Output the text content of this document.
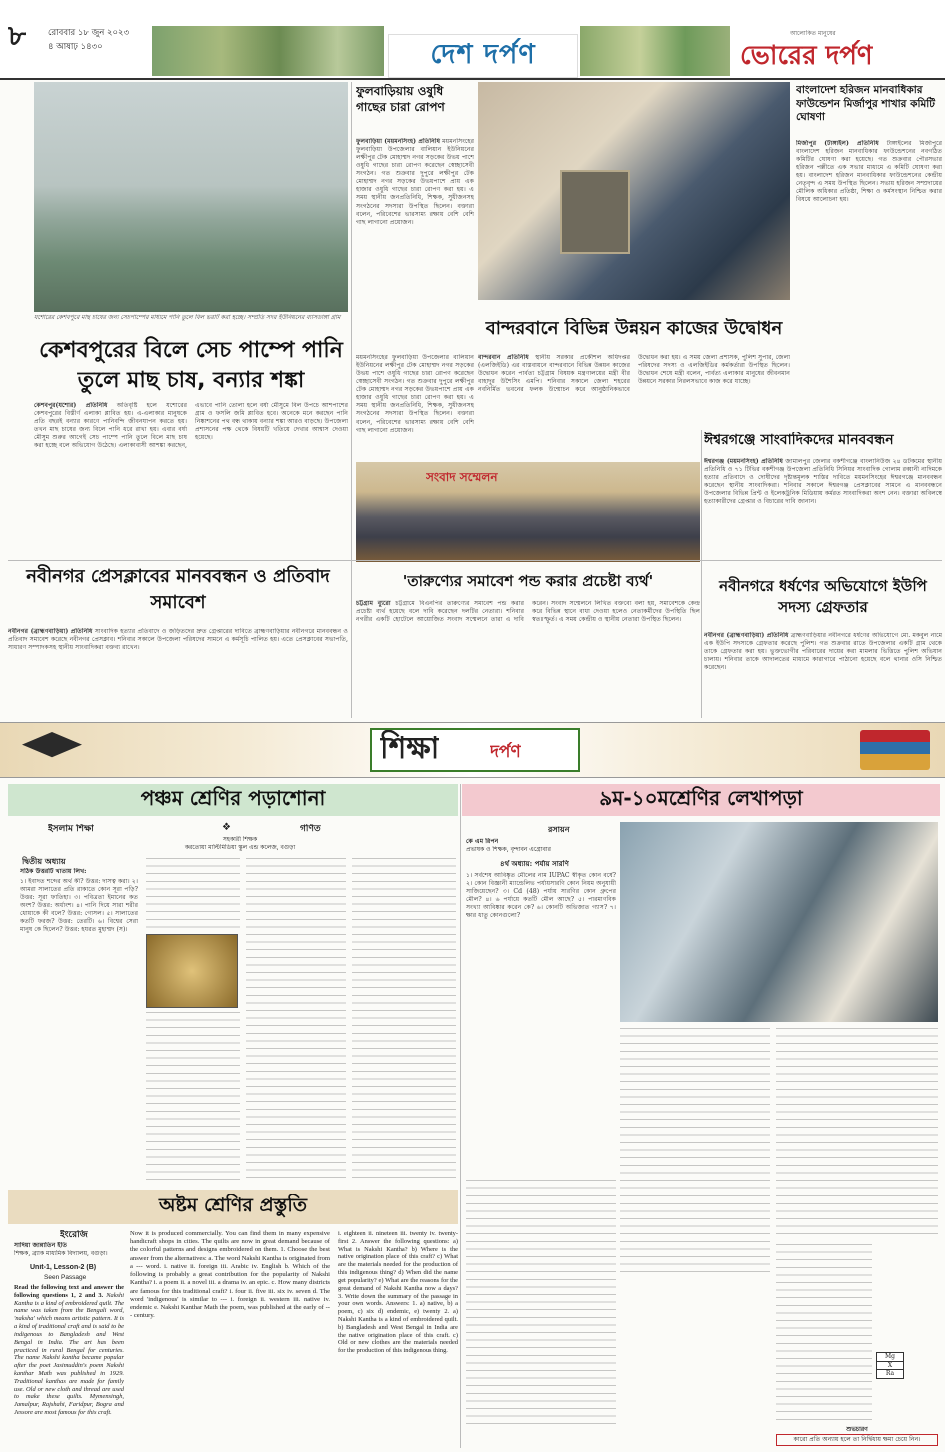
৮	রোববার ১৮ জুন ২০২৩
৪ আষাঢ় ১৪৩০	দেশ দর্পণ
আলোকিত মানুষের
ভোরের দর্পণ
যশোরের কেশবপুরে মাছ চাষের জন্য সেচপাম্পের মাধ্যমে পানি তুলে বিল ভরাট করা হচ্ছে। সম্প্রতি সদর ইউনিয়নের ব্যাসডাঙ্গা গ্রাম
কেশবপুরের বিলে সেচ পাম্পে পানি তুলে মাছ চাষ, বন্যার শঙ্কা
কেশবপুর(যশোর) প্রতিনিধি অতিবৃষ্টি হলে যশোরের কেশবপুরের বিস্তীর্ণ এলাকা প্লাবিত হয়। এ-এলাকার মানুষকে প্রতি বছরই বন্যার কারণে পানিবন্দি জীবনযাপন করতে হয়। তখন মাছ চাষের জন্য বিলে পানি ধরে রাখা হয়। এবার বর্ষা মৌসুম শুরুর আগেই সেচ পাম্পে পানি তুলে বিলে মাছ চাষ করা হচ্ছে বলে অভিযোগ উঠেছে। এলাকাবাসী আশঙ্কা করছেন, এভাবে পানি তোলা হলে বর্ষা মৌসুমে বিল উপচে আশপাশের গ্রাম ও ফসলি জমি প্লাবিত হবে। অনেকে মনে করছেন পানি নিষ্কাশনের পথ বন্ধ থাকায় বন্যার শঙ্কা আরও বাড়ছে। উপজেলা প্রশাসনের পক্ষ থেকে বিষয়টি খতিয়ে দেখার আশ্বাস দেওয়া হয়েছে।
ফুলবাড়িয়ায় ওষুধি গাছের চারা রোপণ
ফুলবাড়িয়া (ময়মনসিংহ) প্রতিনিধি ময়মনসিংহের ফুলবাড়িয়া উপজেলার বালিয়ান ইউনিয়নের লক্ষীপুর টেক মোহাম্মদ নগর সড়কের উভয় পাশে ওষুধি গাছের চারা রোপণ করেছেন স্বেচ্ছাসেবী সংগঠন। গত শুক্রবার দুপুরে লক্ষীপুর টেক মোহাম্মদ নগর সড়কের উভয়পাশে প্রায় এক হাজার ওষুধি গাছের চারা রোপণ করা হয়। এ সময় স্থানীয় জনপ্রতিনিধি, শিক্ষক, সুধীজনসহ সংগঠনের সদস্যরা উপস্থিত ছিলেন। বক্তারা বলেন, পরিবেশের ভারসাম্য রক্ষায় বেশি বেশি গাছ লাগানো প্রয়োজন।
বাংলাদেশ হরিজন মানবাধিকার ফাউন্ডেশন মির্জাপুর শাখার কমিটি ঘোষণা
মির্জাপুর (টাঙ্গাইল) প্রতিনিধি টাঙ্গাইলের মির্জাপুরে বাংলাদেশ হরিজন মানবাধিকার ফাউন্ডেশনের নবগঠিত কমিটির ঘোষণা করা হয়েছে। গত শুক্রবার পৌরসভার হরিজন পল্লীতে এক সভার মাধ্যমে এ কমিটি ঘোষণা করা হয়। বাংলাদেশ হরিজন মানবাধিকার ফাউন্ডেশনের কেন্দ্রীয় নেতৃবৃন্দ এ সময় উপস্থিত ছিলেন। সভায় হরিজন সম্প্রদায়ের মৌলিক অধিকার প্রতিষ্ঠা, শিক্ষা ও কর্মসংস্থান নিশ্চিত করার বিষয়ে আলোচনা হয়।
বান্দরবানে বিভিন্ন উন্নয়ন কাজের উদ্বোধন
বান্দরবান প্রতিনিধি স্থানীয় সরকার প্রকৌশল অধিদপ্তর (এলজিইডি) এর বাস্তবায়নে বান্দরবানে বিভিন্ন উন্নয়ন কাজের উদ্বোধন করেন পার্বত্য চট্টগ্রাম বিষয়ক মন্ত্রণালয়ের মন্ত্রী বীর বাহাদুর উশৈসিং এমপি। শনিবার সকালে জেলা শহরের নবনির্মিত ভবনের ফলক উন্মোচন করে আনুষ্ঠানিকভাবে উদ্বোধন করা হয়। এ সময় জেলা প্রশাসক, পুলিশ সুপার, জেলা পরিষদের সদস্য ও এলজিইডির কর্মকর্তারা উপস্থিত ছিলেন। উদ্বোধন শেষে মন্ত্রী বলেন, পার্বত্য এলাকার মানুষের জীবনমান উন্নয়নে সরকার নিরলসভাবে কাজ করে যাচ্ছে।
ময়মনসিংহের ফুলবাড়িয়া উপজেলার বালিয়ান ইউনিয়নের লক্ষীপুর টেক মোহাম্মদ নগর সড়কের উভয় পাশে ওষুধি গাছের চারা রোপণ করেছেন স্বেচ্ছাসেবী সংগঠন। গত শুক্রবার দুপুরে লক্ষীপুর টেক মোহাম্মদ নগর সড়কের উভয়পাশে প্রায় এক হাজার ওষুধি গাছের চারা রোপণ করা হয়। এ সময় স্থানীয় জনপ্রতিনিধি, শিক্ষক, সুধীজনসহ সংগঠনের সদস্যরা উপস্থিত ছিলেন। বক্তারা বলেন, পরিবেশের ভারসাম্য রক্ষায় বেশি বেশি গাছ লাগানো প্রয়োজন।
সংবাদ সম্মেলন
ঈশ্বরগঞ্জে সাংবাদিকদের মানববন্ধন
ঈশ্বরগঞ্জ (ময়মনসিংহ) প্রতিনিধি জামালপুর জেলার বকশীগঞ্জে বাংলানিউজ ২৪ ডটকমের স্থানীয় প্রতিনিধি ও ৭১ টিভির বকশীগঞ্জ উপজেলা প্রতিনিধি সিনিয়র সাংবাদিক গোলাম রব্বানী নাদিমকে হত্যার প্রতিবাদে ও দোষীদের দৃষ্টান্তমূলক শাস্তির দাবিতে ময়মনসিংহের ঈশ্বরগঞ্জে মানববন্ধন করেছেন স্থানীয় সাংবাদিকরা। শনিবার সকালে ঈশ্বরগঞ্জ প্রেসক্লাবের সামনে এ মানববন্ধনে উপজেলার বিভিন্ন প্রিন্ট ও ইলেকট্রনিক মিডিয়ায় কর্মরত সাংবাদিকরা অংশ নেন। বক্তারা অবিলম্বে হত্যাকারীদের গ্রেপ্তার ও বিচারের দাবি জানান।
নবীনগর প্রেসক্লাবের মানববন্ধন ও প্রতিবাদ সমাবেশ
নবীনগর (ব্রাহ্মণবাড়িয়া) প্রতিনিধি সাংবাদিক হত্যার প্রতিবাদে ও জড়িতদের দ্রুত গ্রেপ্তারের দাবিতে ব্রাহ্মণবাড়িয়ার নবীনগরে মানববন্ধন ও প্রতিবাদ সমাবেশ করেছে নবীনগর প্রেসক্লাব। শনিবার সকালে উপজেলা পরিষদের সামনে এ কর্মসূচি পালিত হয়। এতে প্রেসক্লাবের সভাপতি, সাধারণ সম্পাদকসহ স্থানীয় সাংবাদিকরা বক্তব্য রাখেন।
'তারুণ্যের সমাবেশ পন্ড করার প্রচেষ্টা ব্যর্থ'
চট্টগ্রাম ব্যুরো চট্টগ্রামে বিএনপির তারুণ্যের সমাবেশ পন্ড করার প্রচেষ্টা ব্যর্থ হয়েছে বলে দাবি করেছেন দলটির নেতারা। শনিবার নগরীর একটি হোটেলে আয়োজিত সংবাদ সম্মেলনে তারা এ দাবি করেন। সংবাদ সম্মেলনে লিখিত বক্তব্যে বলা হয়, সমাবেশকে কেন্দ্র করে বিভিন্ন স্থানে বাধা দেওয়া হলেও নেতাকর্মীদের উপস্থিতি ছিল স্বতঃস্ফূর্ত। এ সময় কেন্দ্রীয় ও স্থানীয় নেতারা উপস্থিত ছিলেন।
নবীনগরে ধর্ষণের অভিযোগে ইউপি সদস্য গ্রেফতার
নবীনগর (ব্রাহ্মণবাড়িয়া) প্রতিনিধি ব্রাহ্মণবাড়িয়ার নবীনগরে ধর্ষণের অভিযোগে মো. মকবুল নামে এক ইউপি সদস্যকে গ্রেফতার করেছে পুলিশ। গত শুক্রবার রাতে উপজেলার একটি গ্রাম থেকে তাকে গ্রেফতার করা হয়। ভুক্তভোগীর পরিবারের দায়ের করা মামলার ভিত্তিতে পুলিশ অভিযান চালায়। শনিবার তাকে আদালতের মাধ্যমে কারাগারে পাঠানো হয়েছে বলে থানার ওসি নিশ্চিত করেছেন।
শিক্ষা	দর্পণ
পঞ্চম শ্রেণির পড়াশোনা
ইসলাম শিক্ষা	❖	গণিত
সহকারী শিক্ষক
করতোয়া মাল্টিমিডিয়া স্কুল এন্ড কলেজ, বগুড়া
দ্বিতীয় অধ্যায়
সঠিক উত্তরটি খাতায় লিখ:
১। ইবাদত শব্দের অর্থ কী? উত্তর: দাসত্ব করা। ২। আমরা সালাতের প্রতি রাকাতে কোন সূরা পড়ি? উত্তর: সূরা ফাতিহা। ৩। পবিত্রতা ইমানের কত অংশ? উত্তর: অর্ধাংশ। ৪। পানি দিয়ে সারা শরীর ধোয়াকে কী বলে? উত্তর: গোসল। ৫। সালাতের কতটি ফরজ? উত্তর: তেরটি। ৬। বিশ্বের সেরা মানুষ কে ছিলেন? উত্তর: হযরত মুহাম্মদ (স)।
৯ম-১০মশ্রেণির লেখাপড়া
রসায়ন
কে এম রিপন
প্রভাষক ও শিক্ষক, বৃন্দাবন এগ্রোবার
৪র্থ অধ্যায়: পর্যায় সারণি
১। সর্বশেষ আবিষ্কৃত মৌলের নাম IUPAC স্বীকৃত কোন বর্ষে? ২। কোন বিজ্ঞানী ম্যান্ডেলিভ পর্যায়সারণি কোন নিয়ম অনুযায়ী সাজিয়েছেন? ৩। Cd (48) পর্যায় সারণির কোন গ্রুপের মৌল? ৪। ৬ পর্যায়ে কতটি মৌল আছে? ৫। পারমাণবিক সংখ্যা আবিষ্কার করেন কে? ৬। কোনটি অভিজাত গ্যাস? ৭। ক্ষার ধাতু কোনগুলো?
Mg
X
Ra
শুভচারণ
কারো প্রতি অন্যায় হলে তা নির্দ্বিধায় ক্ষমা চেয়ে নিন।
অষ্টম শ্রেণির প্রস্তুতি
ইংরেজি
সাদিয়া জান্নাতিন ইতি
শিক্ষক, ব্র্যাক মাধ্যমিক বিদ্যালয়, বগুড়া।
Unit-1, Lesson-2 (B)
Seen Passage
Read the following text and answer the following questions 1, 2 and 3. Nakshi Kantha is a kind of embroidered quilt. The name was taken from the Bengali word, 'naksha' which means artistic pattern. It is a kind of traditional craft and is said to be indigenous to Bangladesh and West Bengal in India. The art has been practiced in rural Bengal for centuries. The name Nakshi kantha became popular after the poet Jasimuddin's poem Nakshi kanthar Math was published in 1929. Traditional kanthas are made for family use. Old or new cloth and thread are used to make these quilts. Mymensingh, Jamalpur, Rajshahi, Faridpur, Bogra and Jessore are most famous for this craft.
Now it is produced commercially. You can find them in many expensive handicraft shops in cities. The quilts are now in great demand because of the colorful patterns and designs embroidered on them. 1. Choose the best answer from the alternatives: a. The word Nakshi Kantha is originated from a --- word. i. native ii. foreign iii. Arabic iv. English b. Which of the following is probably a great contribution for the popularity of Nakshi Kantha? i. a poem ii. a novel iii. a drama iv. an epic. c. How many districts are famous for this traditional craft? i. four ii. five iii. six iv. seven d. The word 'indigenous' is similar to --- i. foreign ii. western iii. native iv. endemic e. Nakshi Kanthar Math the poem, was published at the early of --- century.
i. eighteen ii. nineteen iii. twenty iv. twenty-first 2. Answer the following questions: a) What is Nakshi Kantha? b) Where is the native origination place of this craft? c) What are the materials needed for the production of this indigenous thing? d) When did the name get popularity? e) What are the reasons for the great demand of Nakshi Kantha now a days? 3. Write down the summary of the passage in your own words. Answers: 1. a) native, b) a poem, c) six d) endemic, e) twenty 2. a) Nakshi Kantha is a kind of embroidered quilt. b) Bangladesh and West Bengal in India are the native origination place of this craft. c) Old or new clothes are the materials needed for the production of this indigenous thing.
